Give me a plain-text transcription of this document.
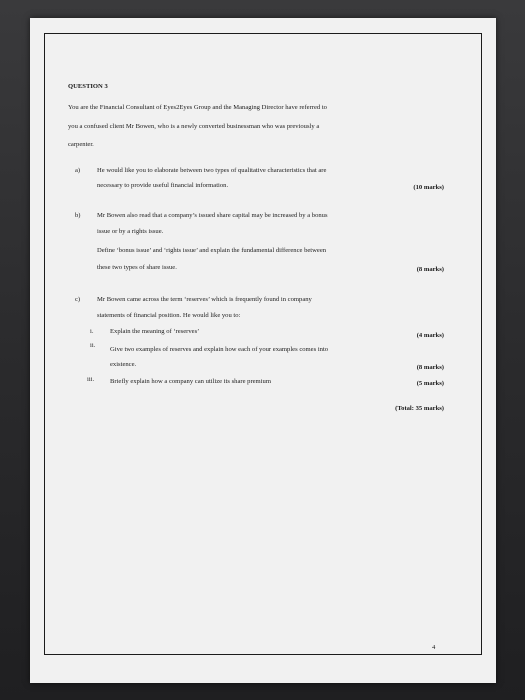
QUESTION 3

You are the Financial Consultant of Eyes2Eyes Group and the Managing Director have referred to

you a confused client Mr Bowen, who is a newly converted businessman who was previously a

carpenter.

a)	He would like you to elaborate between two types of qualitative characteristics that are

necessary to provide useful financial information.	(10 marks)

b)	Mr Bowen also read that a company’s issued share capital may be increased by a bonus

issue or by a rights issue.

Define ‘bonus issue’ and ‘rights issue’ and explain the fundamental difference between

these two types of share issue.	(8 marks)

c)	Mr Bowen came across the term ‘reserves’ which is frequently found in company

statements of financial position. He would like you to:

i.	Explain the meaning of ‘reserves’

(4 marks)

ii.

Give two examples of reserves and explain how each of your examples comes into

existence.	(8 marks)

iii. Briefly explain how a company can utilize its share premium	(5 marks)

(Total: 35 marks)

4
